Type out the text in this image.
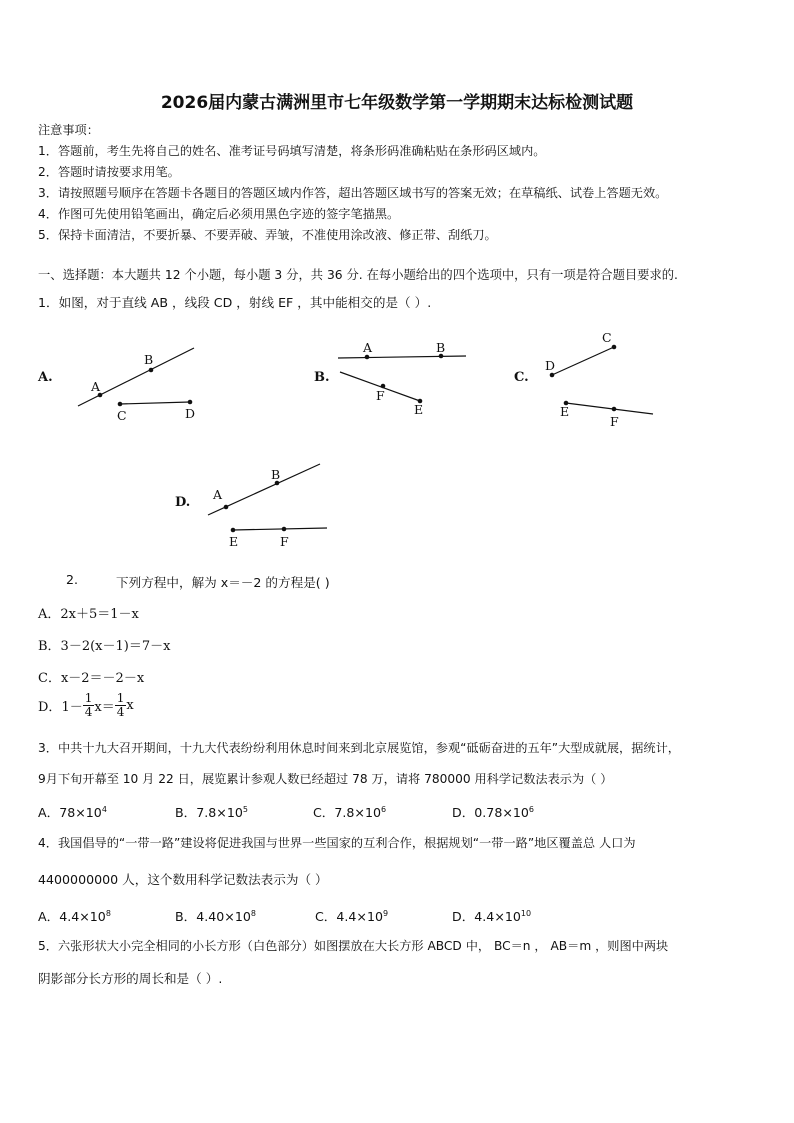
2026届内蒙古满洲里市七年级数学第一学期期末达标检测试题
注意事项：
1．答题前，考生先将自己的姓名、准考证号码填写清楚，将条形码准确粘贴在条形码区域内。
2．答题时请按要求用笔。
3．请按照题号顺序在答题卡各题目的答题区域内作答，超出答题区域书写的答案无效；在草稿纸、试卷上答题无效。
4．作图可先使用铅笔画出，确定后必须用黑色字迹的签字笔描黑。
5．保持卡面清洁，不要折暴、不要弄破、弄皱，不准使用涂改液、修正带、刮纸刀。
一、选择题：本大题共 12 个小题，每小题 3 分，共 36 分. 在每小题给出的四个选项中，只有一项是符合题目要求的.
1．如图，对于直线 AB ，线段 CD ，射线 EF ，其中能相交的是（ ）.
A.	B.	C.
D.
A
B
C	D
A	B
F
E
D
C
E
F
A
B
E	F
2.	下列方程中，解为 x＝－2 的方程是( )
A．2x＋5＝1－x
B．3－2(x－1)＝7－x
C．x－2＝－2－x
D．$1- \frac{1}{4} x= \frac{1}{4}$ x
3．中共十九大召开期间，十九大代表纷纷利用休息时间来到北京展览馆，参观“砥砺奋进的五年”大型成就展，据统计，
9月下旬开幕至 10 月 22 日，展览累计参观人数已经超过 78 万，请将 780000 用科学记数法表示为（ ）
A．$78\times 10^4$	B．$7.8\times 10^5$	C．$7.8\times 10^6$	D．$0.78\times 10^6$
4．我国倡导的“一带一路”建设将促进我国与世界一些国家的互利合作，根据规划“一带一路”地区覆盖总 人口为
4400000000 人，这个数用科学记数法表示为（ ）
A．$4.4\times 10^8$	B．$4.40\times 10^8$	C．$4.4\times 10^9$	D．$4.4\times 10^{10}$
5．六张形状大小完全相同的小长方形（白色部分）如图摆放在大长方形 ABCD 中， BC＝n ， AB＝m ，则图中两块
阴影部分长方形的周长和是（ ）.
